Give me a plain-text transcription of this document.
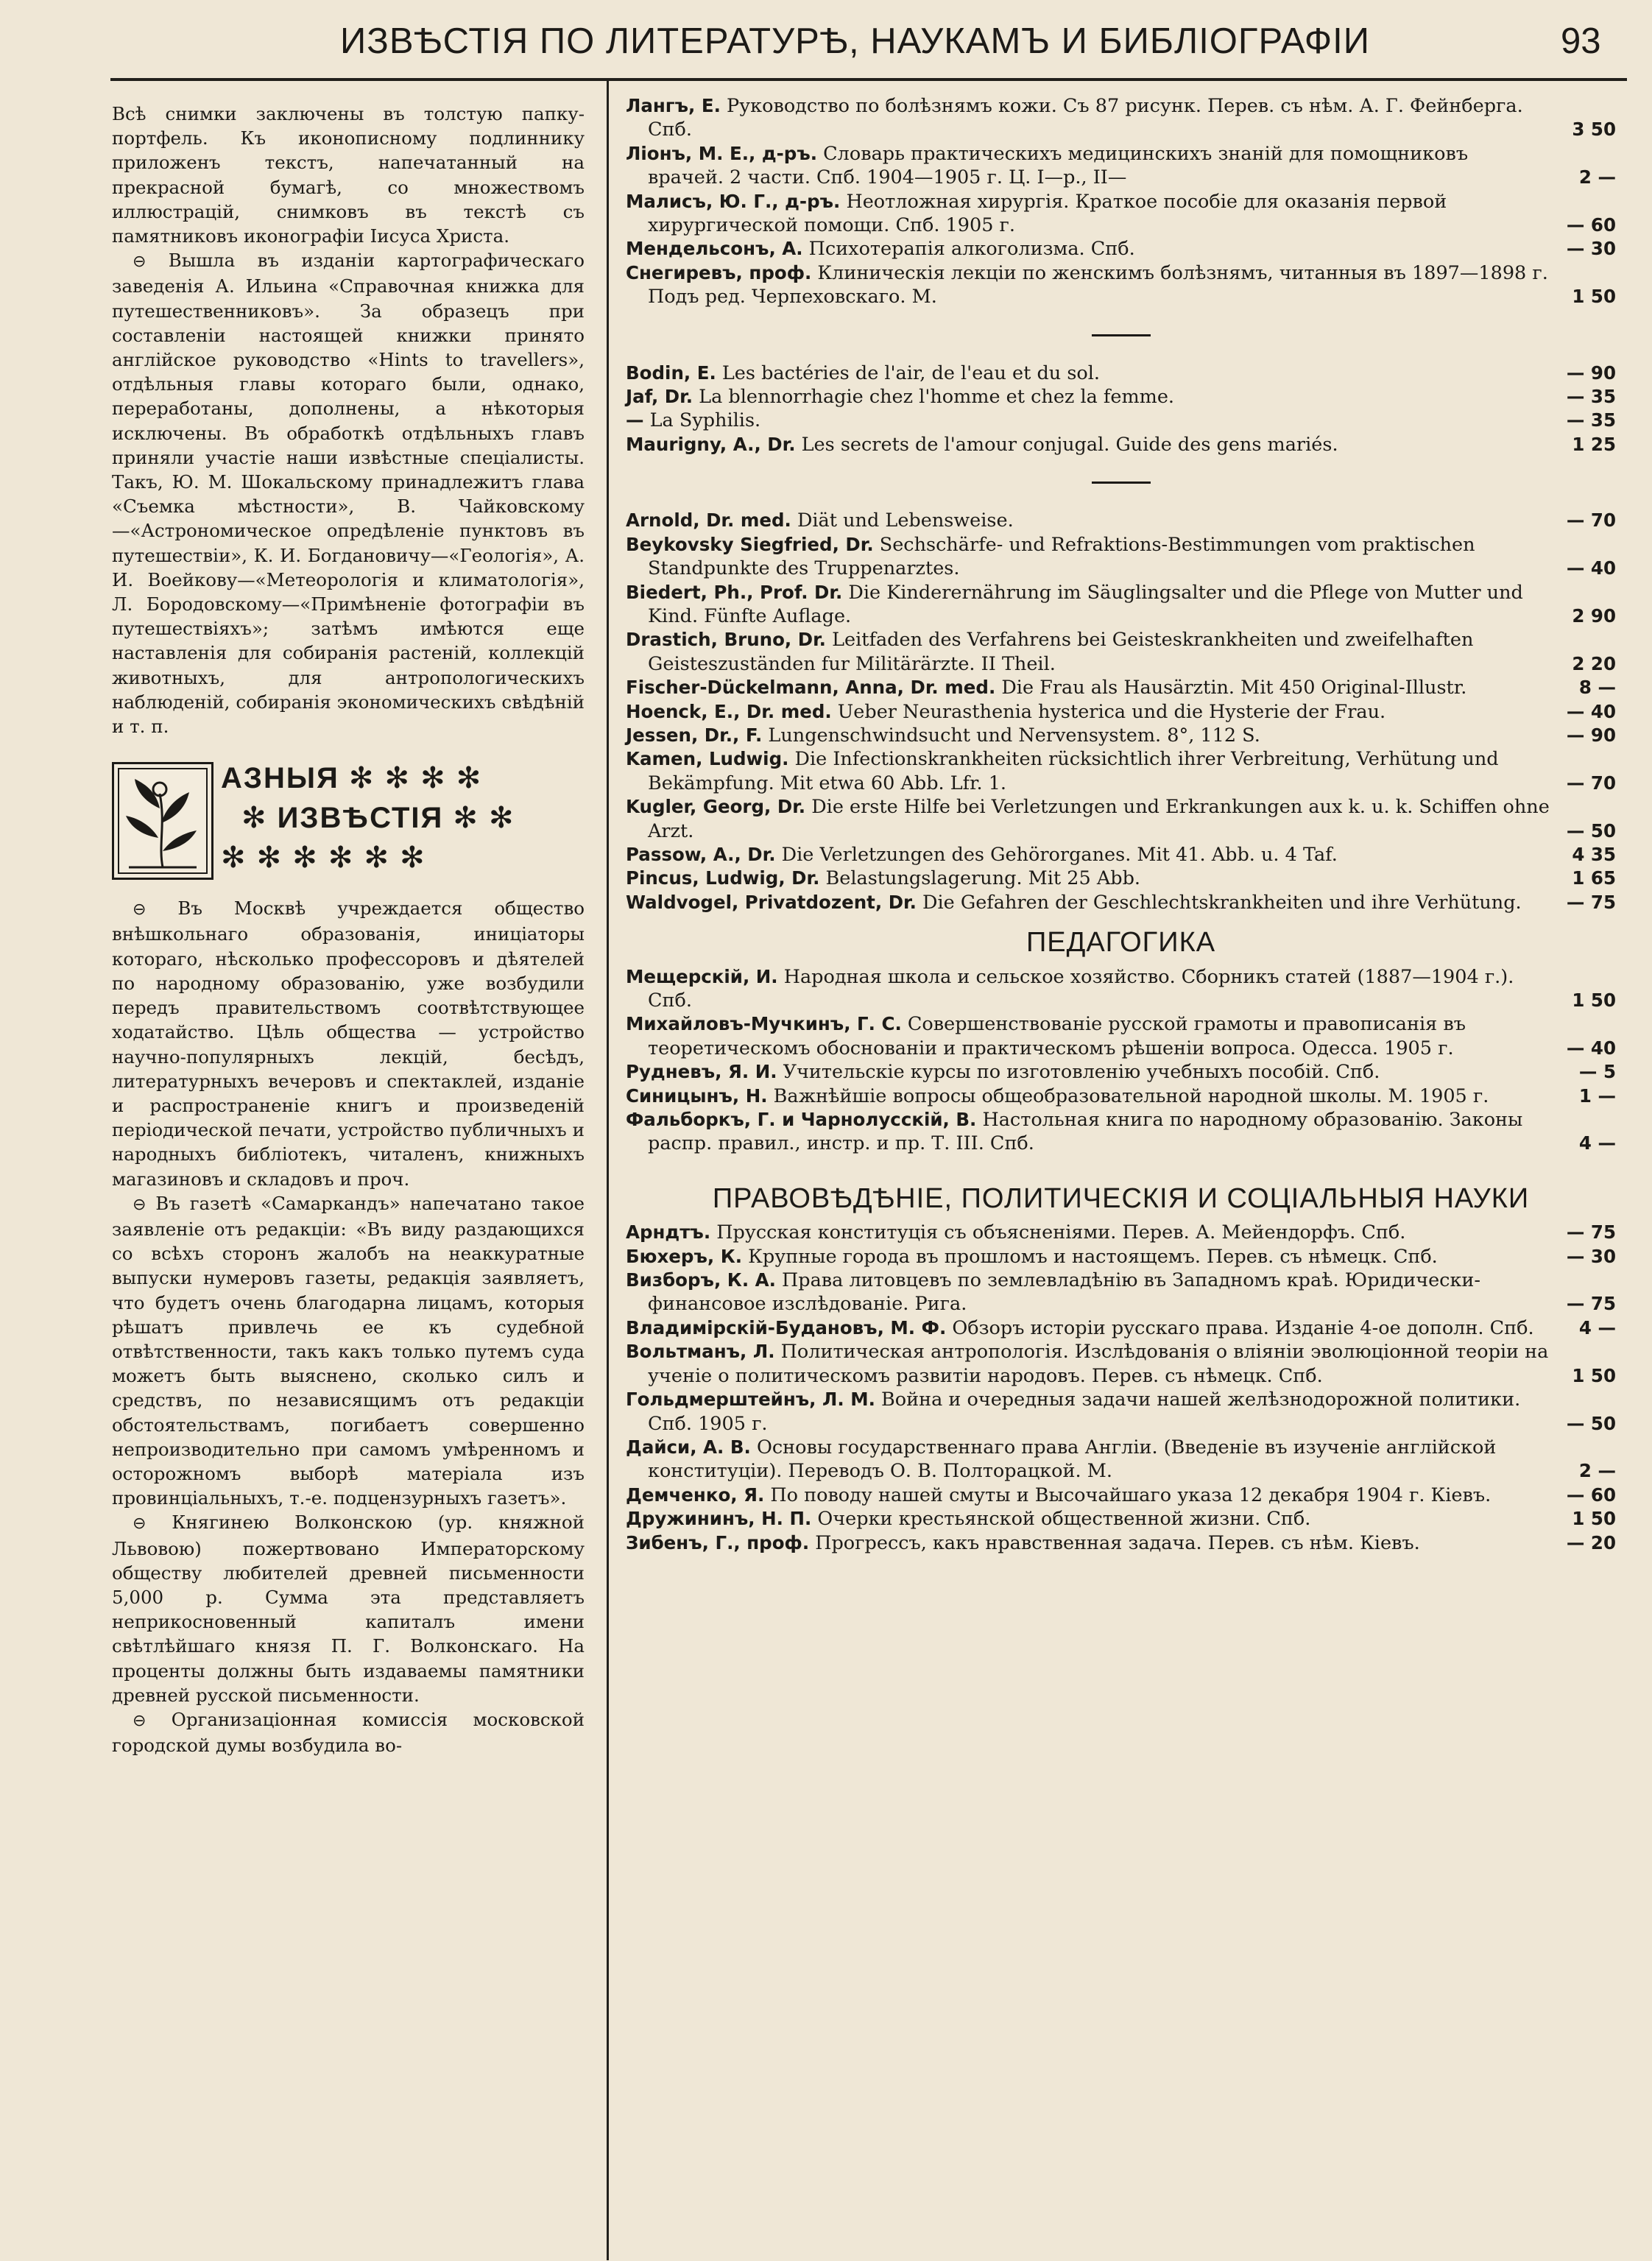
ИЗВѢСТІЯ ПО ЛИТЕРАТУРѢ, НАУКАМЪ И БИБЛІОГРАФІИ	93

Всѣ снимки заключены въ толстую папку-портфель. Къ иконописному подлиннику приложенъ текстъ, напечатанный на прекрасной бумагѣ, со множествомъ иллюстрацій, снимковъ въ текстѣ съ памятниковъ иконографіи Іисуса Христа.

⊖ Вышла въ изданіи картографическаго заведенія А. Ильина «Справочная книжка для путешественниковъ». За образецъ при составленіи настоящей книжки принято англійское руководство «Hints to travellers», отдѣльныя главы котораго были, однако, переработаны, дополнены, а нѣкоторыя исключены. Въ обработкѣ отдѣльныхъ главъ приняли участіе наши извѣстные спеціалисты. Такъ, Ю. М. Шокальскому принадлежитъ глава «Съемка мѣстности», В. Чайковскому—«Астрономическое опредѣленіе пунктовъ въ путешествіи», К. И. Богдановичу—«Геологія», А. И. Воейкову—«Метеорологія и климатологія», Л. Бородовскому—«Примѣненіе фотографіи въ путешествіяхъ»; затѣмъ имѣются еще наставленія для собиранія растеній, коллекцій животныхъ, для антропологическихъ наблюденій, собиранія экономическихъ свѣдѣній и т. п.

АЗНЫЯ ✻ ✻ ✻ ✻
✻ ИЗВѢСТІЯ ✻ ✻
✻ ✻ ✻ ✻ ✻ ✻

⊖ Въ Москвѣ учреждается общество внѣшкольнаго образованія, иниціаторы котораго, нѣсколько профессоровъ и дѣятелей по народному образованію, уже возбудили передъ правительствомъ соотвѣтствующее ходатайство. Цѣль общества — устройство научно-популярныхъ лекцій, бесѣдъ, литературныхъ вечеровъ и спектаклей, изданіе и распространеніе книгъ и произведеній періодической печати, устройство публичныхъ и народныхъ библіотекъ, читаленъ, книжныхъ магазиновъ и складовъ и проч.

⊖ Въ газетѣ «Самаркандъ» напечатано такое заявленіе отъ редакціи: «Въ виду раздающихся со всѣхъ сторонъ жалобъ на неаккуратные выпуски нумеровъ газеты, редакція заявляетъ, что будетъ очень благодарна лицамъ, которыя рѣшатъ привлечь ее къ судебной отвѣтственности, такъ какъ только путемъ суда можетъ быть выяснено, сколько силъ и средствъ, по независящимъ отъ редакціи обстоятельствамъ, погибаетъ совершенно непроизводительно при самомъ умѣренномъ и осторожномъ выборѣ матеріала изъ провинціальныхъ, т.-е. подцензурныхъ газетъ».

⊖ Княгинею Волконскою (ур. княжной Львовою) пожертвовано Императорскому обществу любителей древней письменности 5,000 р. Сумма эта представляетъ неприкосновенный капиталъ имени свѣтлѣйшаго князя П. Г. Волконскаго. На проценты должны быть издаваемы памятники древней русской письменности.

⊖ Организаціонная комиссія московской городской думы возбудила во-

Лангъ, Е. Руководство по болѣзнямъ кожи. Съ 87 рисунк. Перев. съ нѣм. А. Г. Фейнберга. Спб.	3 50

Ліонъ, М. Е., д-ръ. Словарь практическихъ медицинскихъ знаній для помощниковъ врачей. 2 части. Спб. 1904—1905 г. Ц. I—р., II—	2 —

Малисъ, Ю. Г., д-ръ. Неотложная хирургія. Краткое пособіе для оказанія первой хирургической помощи. Спб. 1905 г.	— 60

Мендельсонъ, А. Психотерапія алкоголизма. Спб.	— 30

Снегиревъ, проф. Клиническія лекціи по женскимъ болѣзнямъ, читанныя въ 1897—1898 г. Подъ ред. Черпеховскаго. М.	1 50

Bodin, E. Les bactéries de l'air, de l'eau et du sol.	— 90

Jaf, Dr. La blennorrhagie chez l'homme et chez la femme.	— 35

— La Syphilis.	— 35

Maurigny, A., Dr. Les secrets de l'amour conjugal. Guide des gens mariés.	1 25

Arnold, Dr. med. Diät und Lebensweise.	— 70

Beykovsky Siegfried, Dr. Sechschärfe- und Refraktions-Bestimmungen vom praktischen Standpunkte des Truppenarztes.	— 40

Biedert, Ph., Prof. Dr. Die Kinderernährung im Säuglingsalter und die Pflege von Mutter und Kind. Fünfte Auflage.	2 90

Drastich, Bruno, Dr. Leitfaden des Verfahrens bei Geisteskrankheiten und zweifelhaften Geisteszuständen fur Militärärzte. II Theil.	2 20

Fischer-Dückelmann, Anna, Dr. med. Die Frau als Hausärztin. Mit 450 Original-Illustr.	8 —

Hoenck, E., Dr. med. Ueber Neurasthenia hysterica und die Hysterie der Frau.	— 40

Jessen, Dr., F. Lungenschwindsucht und Nervensystem. 8°, 112 S.	— 90

Kamen, Ludwig. Die Infectionskrankheiten rücksichtlich ihrer Verbreitung, Verhütung und Bekämpfung. Mit etwa 60 Abb. Lfr. 1.	— 70

Kugler, Georg, Dr. Die erste Hilfe bei Verletzungen und Erkrankungen aux k. u. k. Schiffen ohne Arzt.	— 50

Passow, A., Dr. Die Verletzungen des Gehörorganes. Mit 41. Abb. u. 4 Taf.	4 35

Pincus, Ludwig, Dr. Belastungslagerung. Mit 25 Abb.	1 65

Waldvogel, Privatdozent, Dr. Die Gefahren der Geschlechtskrankheiten und ihre Verhütung. — 75

ПЕДАГОГИКА

Мещерскій, И. Народная школа и сельское хозяйство. Сборникъ статей (1887—1904 г.). Спб.	1 50

Михайловъ-Мучкинъ, Г. С. Совершенствованіе русской грамоты и правописанія въ теоретическомъ обоснованіи и практическомъ рѣшеніи вопроса. Одесса. 1905 г.	— 40

Рудневъ, Я. И. Учительскіе курсы по изготовленію учебныхъ пособій. Спб.	— 5

Синицынъ, Н. Важнѣйшіе вопросы общеобразовательной народной школы. М. 1905 г.	1 —

Фальборкъ, Г. и Чарнолусскій, В. Настольная книга по народному образованію. Законы распр. правил., инстр. и пр. Т. III. Спб.	4 —

ПРАВОВѢДѢНІЕ, ПОЛИТИЧЕСКІЯ И СОЦІАЛЬНЫЯ НАУКИ

Арндтъ. Прусская конституція съ объясненіями. Перев. А. Мейендорфъ. Спб.	— 75

Бюхеръ, К. Крупные города въ прошломъ и настоящемъ. Перев. съ нѣмецк. Спб.	— 30

Визборъ, К. А. Права литовцевъ по землевладѣнію въ Западномъ краѣ. Юридически-финансовое изслѣдованіе. Рига.	— 75

Владимірскій-Будановъ, М. Ф. Обзоръ исторіи русскаго права. Изданіе 4-ое дополн. Спб.	4 —

Вольтманъ, Л. Политическая антропологія. Изслѣдованія о вліяніи эволюціонной теоріи на ученіе о политическомъ развитіи народовъ. Перев. съ нѣмецк. Спб.	1 50

Гольдмерштейнъ, Л. М. Война и очередныя задачи нашей желѣзнодорожной политики. Спб. 1905 г.	— 50

Дайси, А. В. Основы государственнаго права Англіи. (Введеніе въ изученіе англійской конституціи). Переводъ О. В. Полторацкой. М.	2 —

Демченко, Я. По поводу нашей смуты и Высочайшаго указа 12 декабря 1904 г. Кіевъ.	— 60

Дружининъ, Н. П. Очерки крестьянской общественной жизни. Спб.	1 50

Зибенъ, Г., проф. Прогрессъ, какъ нравственная задача. Перев. съ нѣм. Кіевъ.	— 20
